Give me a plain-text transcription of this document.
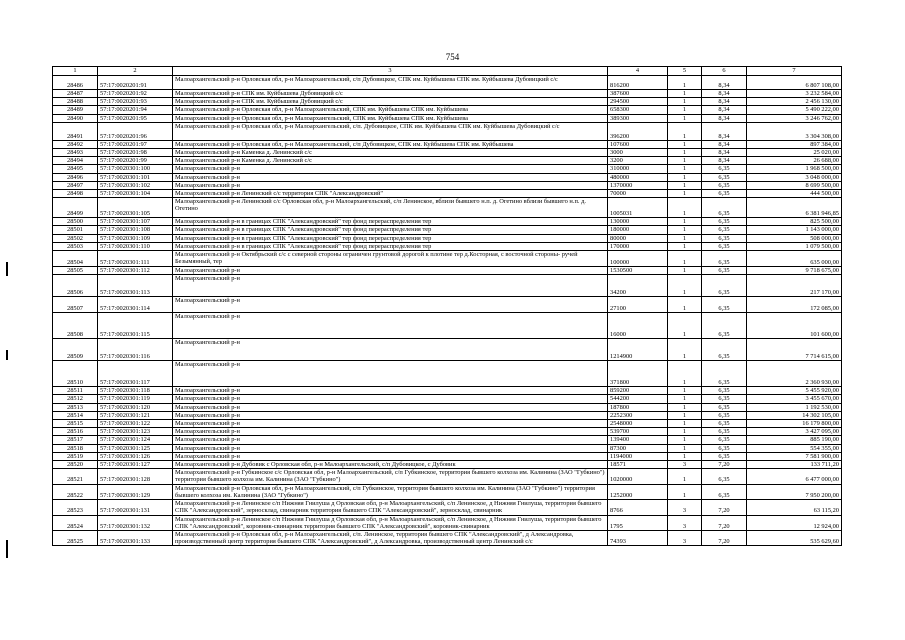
754
1	2	3	4	5	6	7
28486	57:17:0020201:91	Малоархангельский р-н Орловская обл, р-н Малоархангельский, с/п Дубовицкое, СПК им. Куйбышева СПК им. Куйбышева Дубовицкий с/с	816200	1	8,34	6 807 108,00
28487	57:17:0020201:92	Малоархангельский р-н СПК им. Куйбышева Дубовицкий с/с	387600	1	8,34	3 232 584,00
28488	57:17:0020201:93	Малоархангельский р-н СПК им. Куйбышева Дубовицкий с/с	294500	1	8,34	2 456 130,00
28489	57:17:0020201:94	Малоархангельский р-н Орловская обл, р-н Малоархангельский, СПК им. Куйбышева СПК им. Куйбышева	658300	1	8,34	5 490 222,00
28490	57:17:0020201:95	Малоархангельский р-н Орловская обл, р-н Малоархангельский, СПК им. Куйбышева СПК им. Куйбышева	389300	1	8,34	3 246 762,00
28491	57:17:0020201:96	Малоархангельский р-н Орловская обл, р-н Малоархангельский, с/п. Дубовицкое, СПК им. Куйбышева СПК им. Куйбышева Дубовицкий с/с	396200	1	8,34	3 304 308,00
28492	57:17:0020201:97	Малоархангельский р-н Орловская обл, р-н Малоархангельский, с/п Дубовицкое, СПК им. Куйбышева СПК им. Куйбышева	107600	1	8,34	897 384,00
28493	57:17:0020201:98	Малоархангельский р-н Каменка д. Ленинский с/с	3000	1	8,34	25 020,00
28494	57:17:0020201:99	Малоархангельский р-н Каменка д. Ленинский с/с	3200	1	8,34	26 688,00
28495	57:17:0020301:100	Малоархангельский р-н	310000	1	6,35	1 968 500,00
28496	57:17:0020301:101	Малоархангельский р-н	480000	1	6,35	3 048 000,00
28497	57:17:0020301:102	Малоархангельский р-н	1370000	1	6,35	8 699 500,00
28498	57:17:0020301:104	Малоархангельский р-н Ленинский с/с территория СПК "Александровский"	70000	1	6,35	444 500,00
28499	57:17:0020301:105	Малоархангельский р-н Ленинский с/с Орловская обл, р-н Малоархангельский, с/п Ленинское, вблизи бывшего н.п. д. Огетино вблизи бывшего н.п. д. Огетино	1005031	1	6,35	6 381 946,85
28500	57:17:0020301:107	Малоархангельский р-н в границах СПК "Александровский" тер фонд перераспределения тер	130000	1	6,35	825 500,00
28501	57:17:0020301:108	Малоархангельский р-н в границах СПК "Александровский" тер фонд перераспределения тер	180000	1	6,35	1 143 000,00
28502	57:17:0020301:109	Малоархангельский р-н в границах СПК "Александровский" тер фонд перераспределения тер	80000	1	6,35	508 000,00
28503	57:17:0020301:110	Малоархангельский р-н в границах СПК "Александровский" тер фонд перераспределения тер	170000	1	6,35	1 079 500,00
28504	57:17:0020301:111	Малоархангельский р-н Октябрьский с/с с северной стороны ограничен грунтовой дорогой к плотине тер д.Косторная, с восточной стороны- ручей Безымянный, тер	100000	1	6,35	635 000,00
28505	57:17:0020301:112	Малоархангельский р-н	1530500	1	6,35	9 718 675,00
28506	57:17:0020301:113	Малоархангельский р-н	34200	1	6,35	217 170,00
28507	57:17:0020301:114	Малоархангельский р-н	27100	1	6,35	172 085,00
28508	57:17:0020301:115	Малоархангельский р-н	16000	1	6,35	101 600,00
28509	57:17:0020301:116	Малоархангельский р-н	1214900	1	6,35	7 714 615,00
28510	57:17:0020301:117	Малоархангельский р-н	371800	1	6,35	2 360 930,00
28511	57:17:0020301:118	Малоархангельский р-н	859200	1	6,35	5 455 920,00
28512	57:17:0020301:119	Малоархангельский р-н	544200	1	6,35	3 455 670,00
28513	57:17:0020301:120	Малоархангельский р-н	187800	1	6,35	1 192 530,00
28514	57:17:0020301:121	Малоархангельский р-н	2252300	1	6,35	14 302 105,00
28515	57:17:0020301:122	Малоархангельский р-н	2548000	1	6,35	16 179 800,00
28516	57:17:0020301:123	Малоархангельский р-н	539700	1	6,35	3 427 095,00
28517	57:17:0020301:124	Малоархангельский р-н	139400	1	6,35	885 190,00
28518	57:17:0020301:125	Малоархангельский р-н	87300	1	6,35	554 355,00
28519	57:17:0020301:126	Малоархангельский р-н	1194000	1	6,35	7 581 900,00
28520	57:17:0020301:127	Малоархангельский р-н Дубовик с Орловская обл, р-н Малоархангельский, с/п Дубовицкое, с Дубовик	18571	3	7,20	133 711,20
28521	57:17:0020301:128	Малоархангельский р-н Губкинское с/с Орловская обл, р-н Малоархангельский, с/п Губкинское, территория бывшего колхоза им. Калинина (ЗАО "Губкино") территория бывшего колхоза им. Калинина (ЗАО "Губкино")	1020000	1	6,35	6 477 000,00
28522	57:17:0020301:129	Малоархангельский р-н Орловская обл, р-н Малоархангельский, с/п Губкинское, территория бывшего колхоза им. Калинина (ЗАО "Губкино") территория бывшего колхоза им. Калинина (ЗАО "Губкино")	1252000	1	6,35	7 950 200,00
28523	57:17:0020301:131	Малоархангельский р-н Ленинское с/п Нижняя Гнилуша д Орловская обл, р-н Малоархангельский, с/п Ленинское, д Нижняя Гнилуша, территория бывшего СПК "Александровский", зерносклад, свинарник территория бывшего СПК "Александровский", зерносклад, свинарник	8766	3	7,20	63 115,20
28524	57:17:0020301:132	Малоархангельский р-н Ленинское с/п Нижняя Гнилуша д Орловская обл, р-н Малоархангельский, с/п Ленинское, д Нижняя Гнилуша, территория бывшего СПК "Александровский", коровник-свинарник территория бывшего СПК "Александровский", коровник-свинарник	1795	3	7,20	12 924,00
28525	57:17:0020301:133	Малоархангельский р-н Орловская обл, р-н Малоархангельский, с/п. Ленинское, территория бывшего СПК "Александровский", д Александровка, производственный центр территория бывшего СПК "Александровский", д Александровка, производственный центр Ленинский с/с	74393	3	7,20	535 629,60
